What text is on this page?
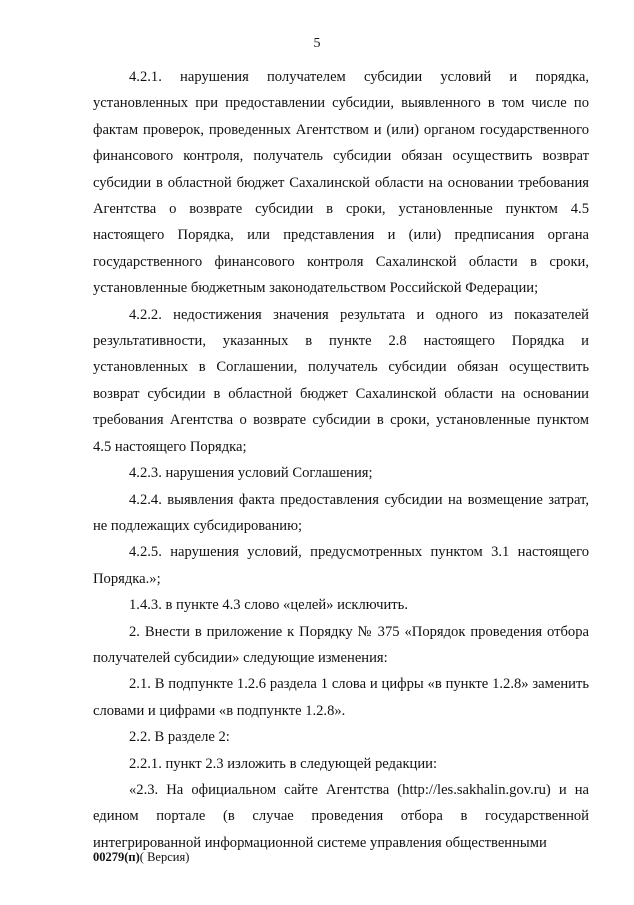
5

4.2.1. нарушения получателем субсидии условий и порядка, установленных при предоставлении субсидии, выявленного в том числе по фактам проверок, проведенных Агентством и (или) органом государственного финансового контроля, получатель субсидии обязан осуществить возврат субсидии в областной бюджет Сахалинской области на основании требования Агентства о возврате субсидии в сроки, установленные пунктом 4.5 настоящего Порядка, или представления и (или) предписания органа государственного финансового контроля Сахалинской области в сроки, установленные бюджетным законодательством Российской Федерации;

4.2.2. недостижения значения результата и одного из показателей результативности, указанных в пункте 2.8 настоящего Порядка и установленных в Соглашении, получатель субсидии обязан осуществить возврат субсидии в областной бюджет Сахалинской области на основании требования Агентства о возврате субсидии в сроки, установленные пунктом 4.5 настоящего Порядка;

4.2.3. нарушения условий Соглашения;

4.2.4. выявления факта предоставления субсидии на возмещение затрат, не подлежащих субсидированию;

4.2.5. нарушения условий, предусмотренных пунктом 3.1 настоящего Порядка.»;

1.4.3. в пункте 4.3 слово «целей» исключить.

2. Внести в приложение к Порядку № 375 «Порядок проведения отбора получателей субсидии» следующие изменения:

2.1. В подпункте 1.2.6 раздела 1 слова и цифры «в пункте 1.2.8» заменить словами и цифрами «в подпункте 1.2.8».

2.2. В разделе 2:

2.2.1. пункт 2.3 изложить в следующей редакции:

«2.3. На официальном сайте Агентства (http://les.sakhalin.gov.ru) и на едином портале (в случае проведения отбора в государственной интегрированной информационной системе управления общественными

00279(п)( Версия)
